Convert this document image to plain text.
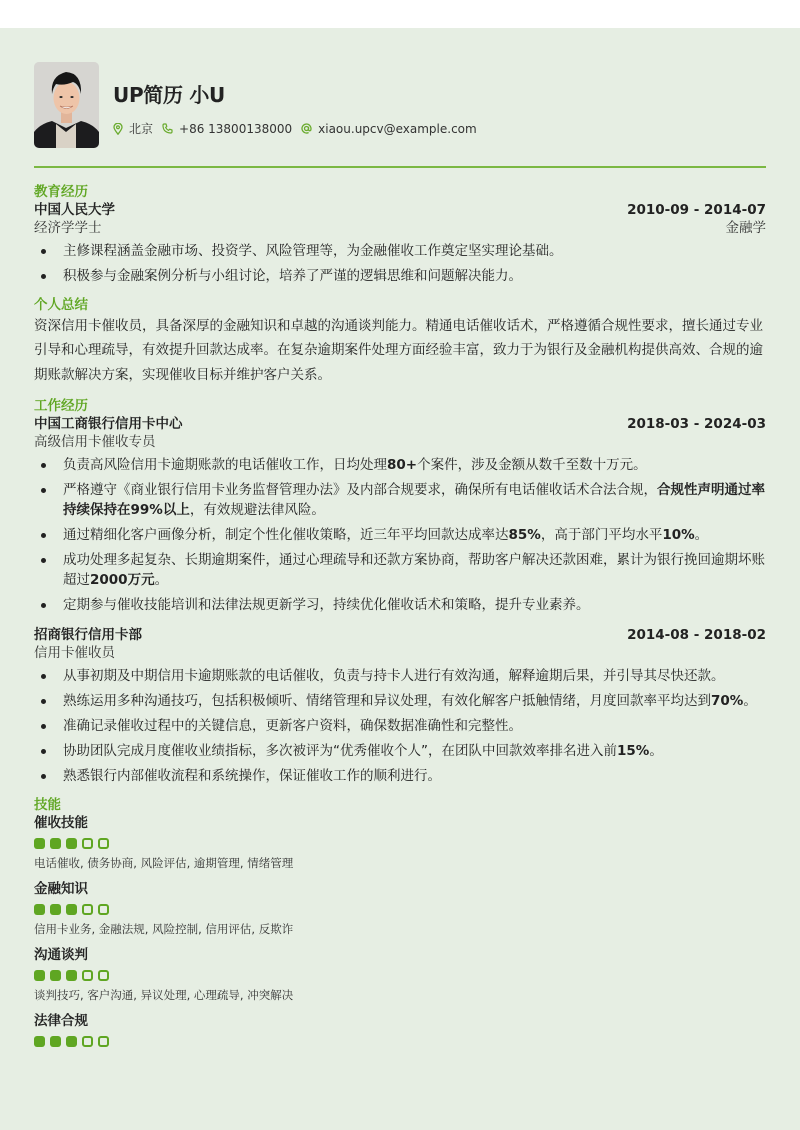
UP简历 小U
北京 +86 13800138000 xiaou.upcv@example.com
教育经历
中国人民大学	2010-09 - 2014-07
经济学学士	金融学
主修课程涵盖金融市场、投资学、风险管理等，为金融催收工作奠定坚实理论基础。
积极参与金融案例分析与小组讨论，培养了严谨的逻辑思维和问题解决能力。
个人总结
资深信用卡催收员，具备深厚的金融知识和卓越的沟通谈判能力。精通电话催收话术，严格遵循合规性要求，擅长通过专业引导和心理疏导，有效提升回款达成率。在复杂逾期案件处理方面经验丰富，致力于为银行及金融机构提供高效、合规的逾期账款解决方案，实现催收目标并维护客户关系。
工作经历
中国工商银行信用卡中心	2018-03 - 2024-03
高级信用卡催收专员
负责高风险信用卡逾期账款的电话催收工作，日均处理80+个案件，涉及金额从数千至数十万元。
严格遵守《商业银行信用卡业务监督管理办法》及内部合规要求，确保所有电话催收话术合法合规，合规性声明通过率持续保持在99%以上，有效规避法律风险。
通过精细化客户画像分析，制定个性化催收策略，近三年平均回款达成率达85%，高于部门平均水平10%。
成功处理多起复杂、长期逾期案件，通过心理疏导和还款方案协商，帮助客户解决还款困难，累计为银行挽回逾期坏账超过2000万元。
定期参与催收技能培训和法律法规更新学习，持续优化催收话术和策略，提升专业素养。
招商银行信用卡部	2014-08 - 2018-02
信用卡催收员
从事初期及中期信用卡逾期账款的电话催收，负责与持卡人进行有效沟通，解释逾期后果，并引导其尽快还款。
熟练运用多种沟通技巧，包括积极倾听、情绪管理和异议处理，有效化解客户抵触情绪，月度回款率平均达到70%。
准确记录催收过程中的关键信息，更新客户资料，确保数据准确性和完整性。
协助团队完成月度催收业绩指标，多次被评为“优秀催收个人”，在团队中回款效率排名进入前15%。
熟悉银行内部催收流程和系统操作，保证催收工作的顺利进行。
技能
催收技能
电话催收, 债务协商, 风险评估, 逾期管理, 情绪管理
金融知识
信用卡业务, 金融法规, 风险控制, 信用评估, 反欺诈
沟通谈判
谈判技巧, 客户沟通, 异议处理, 心理疏导, 冲突解决
法律合规
